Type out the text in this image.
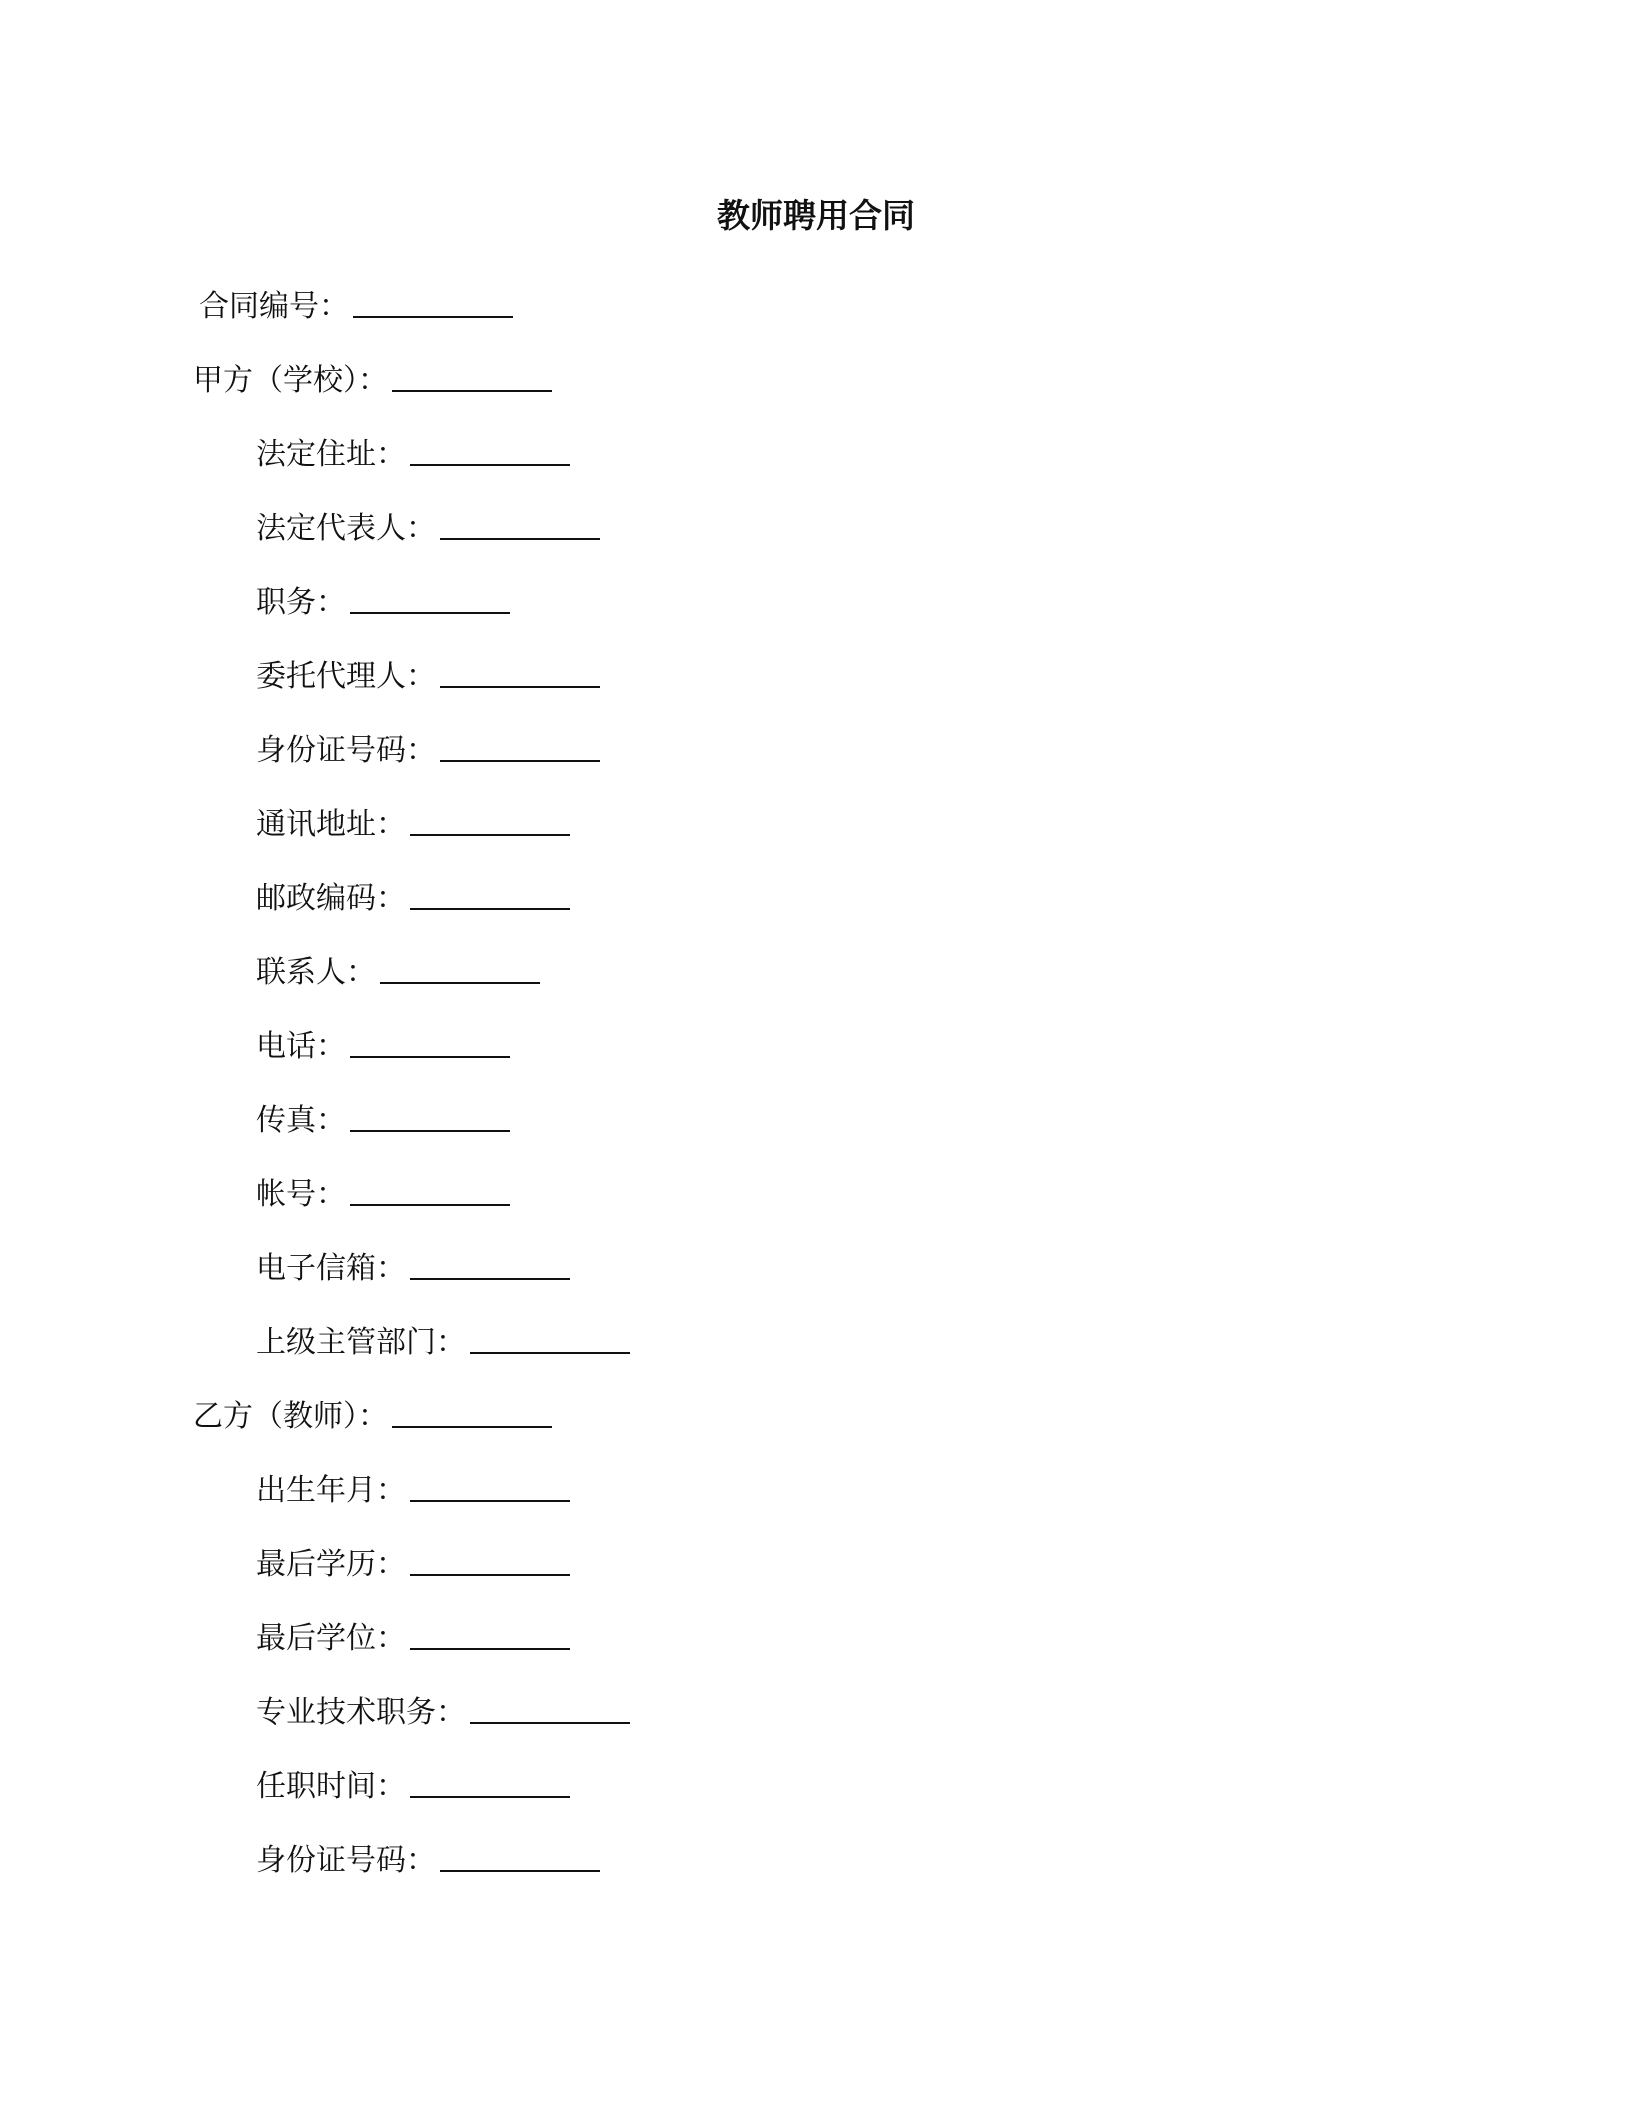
教师聘用合同
合同编号：
甲方（学校）：
法定住址：
法定代表人：
职务：
委托代理人：
身份证号码：
通讯地址：
邮政编码：
联系人：
电话：
传真：
帐号：
电子信箱：
上级主管部门：
乙方（教师）：
出生年月：
最后学历：
最后学位：
专业技术职务：
任职时间：
身份证号码：
